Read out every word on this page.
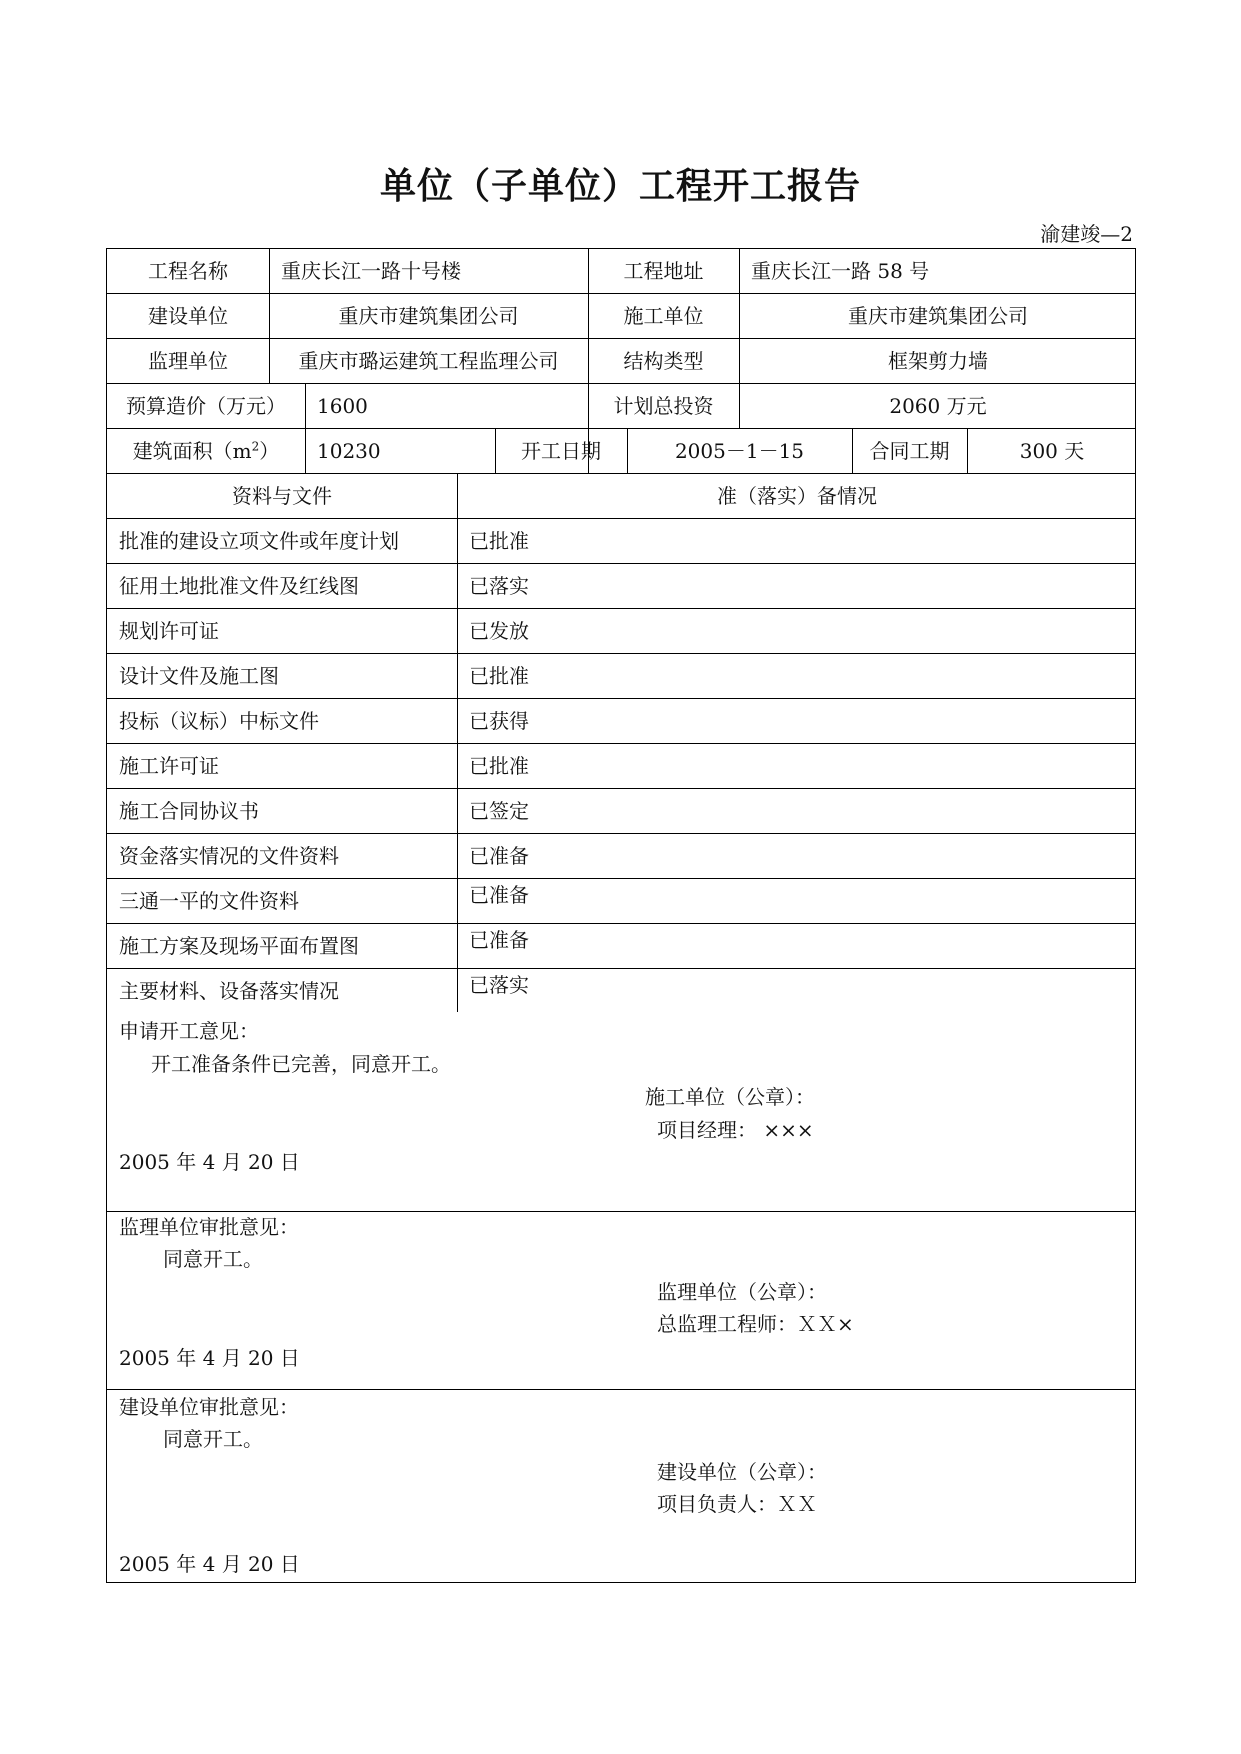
单位（子单位）工程开工报告
渝建竣—2
工程名称	重庆长江一路十号楼	工程地址	重庆长江一路 58 号
建设单位	重庆市建筑集团公司	施工单位	重庆市建筑集团公司
监理单位	重庆市璐运建筑工程监理公司	结构类型	框架剪力墙
预算造价（万元）	1600	计划总投资	2060 万元
建筑面积$(m^2)$	10230	开工日期	2005－1－15	合同工期	300 天
资料与文件	准（落实）备情况
批准的建设立项文件或年度计划	已批准
征用土地批准文件及红线图	已落实
规划许可证	已发放
设计文件及施工图	已批准
投标（议标）中标文件	已获得
施工许可证	已批准
施工合同协议书	已签定
资金落实情况的文件资料	已准备
三通一平的文件资料	已准备
施工方案及现场平面布置图	已准备
主要材料、设备落实情况	已落实
申请开工意见：
开工准备条件已完善，同意开工。
施工单位（公章）：
项目经理： ×××
2005 年 4 月 20 日
监理单位审批意见：
同意开工。
监理单位（公章）：
总监理工程师：ＸＸ×
2005 年 4 月 20 日
建设单位审批意见：
同意开工。
建设单位（公章）：
项目负责人：ＸＸ
2005 年 4 月 20 日
